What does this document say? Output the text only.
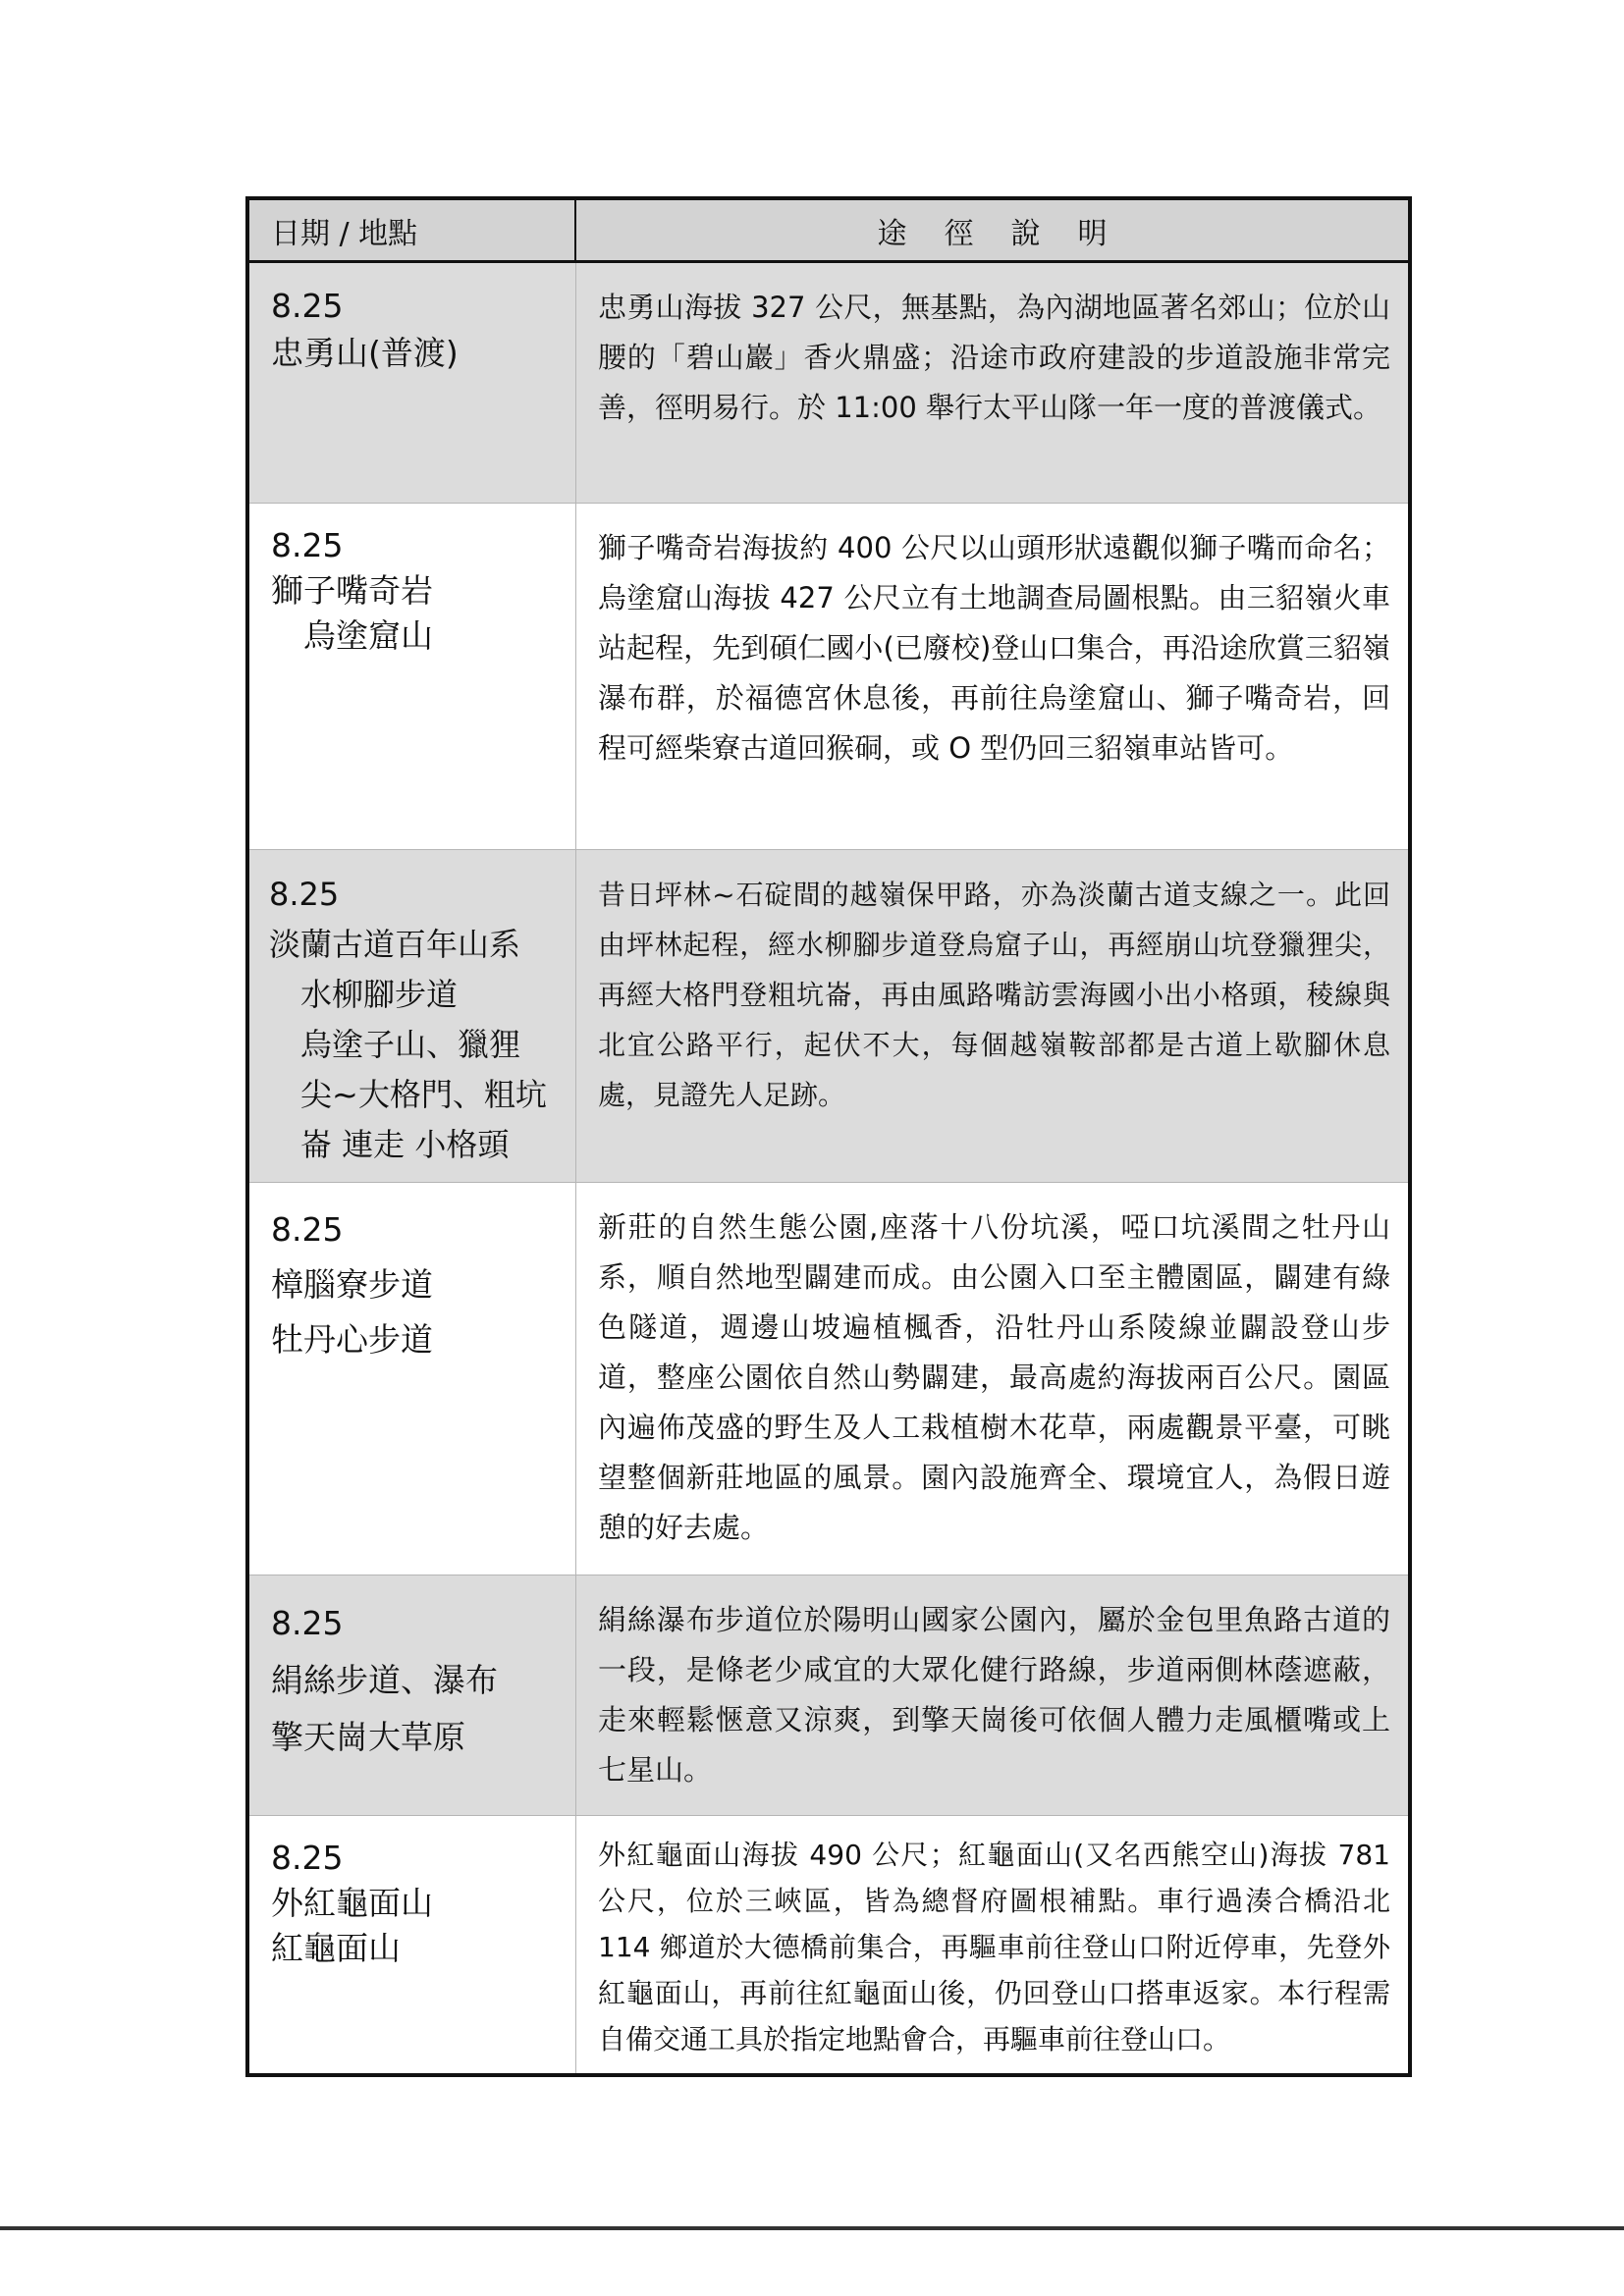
日期 / 地點	途徑說明
8.25
忠勇山(普渡)
忠勇山海拔 327 公尺，無基點，為內湖地區著名郊山；位於山腰的「碧山巖」香火鼎盛；沿途市政府建設的步道設施非常完善，徑明易行。於 11:00 舉行太平山隊一年一度的普渡儀式。
8.25
獅子嘴奇岩
　烏塗窟山
獅子嘴奇岩海拔約 400 公尺以山頭形狀遠觀似獅子嘴而命名；烏塗窟山海拔 427 公尺立有土地調查局圖根點。由三貂嶺火車站起程，先到碩仁國小(已廢校)登山口集合，再沿途欣賞三貂嶺瀑布群，於福德宮休息後，再前往烏塗窟山、獅子嘴奇岩，回程可經柴寮古道回猴硐，或 O 型仍回三貂嶺車站皆可。
8.25
淡蘭古道百年山系
　水柳腳步道
　烏塗子山、獵狸
　尖~大格門、粗坑
　崙 連走 小格頭
昔日坪林~石碇間的越嶺保甲路，亦為淡蘭古道支線之一。此回由坪林起程，經水柳腳步道登烏窟子山，再經崩山坑登獵狸尖，再經大格門登粗坑崙，再由風路嘴訪雲海國小出小格頭，稜線與北宜公路平行，起伏不大，每個越嶺鞍部都是古道上歇腳休息處，見證先人足跡。
8.25
樟腦寮步道
牡丹心步道
新莊的自然生態公園,座落十八份坑溪，啞口坑溪間之牡丹山系，順自然地型闢建而成。由公園入口至主體園區，闢建有綠色隧道，週邊山坡遍植楓香，沿牡丹山系陵線並闢設登山步道，整座公園依自然山勢闢建，最高處約海拔兩百公尺。園區內遍佈茂盛的野生及人工栽植樹木花草，兩處觀景平臺，可眺望整個新莊地區的風景。園內設施齊全、環境宜人，為假日遊憩的好去處。
8.25
絹絲步道、瀑布
擎天崗大草原
絹絲瀑布步道位於陽明山國家公園內，屬於金包里魚路古道的一段，是條老少咸宜的大眾化健行路線，步道兩側林蔭遮蔽，走來輕鬆愜意又涼爽，到擎天崗後可依個人體力走風櫃嘴或上七星山。
8.25
外紅龜面山
紅龜面山
外紅龜面山海拔 490 公尺；紅龜面山(又名西熊空山)海拔 781 公尺，位於三峽區，皆為總督府圖根補點。車行過湊合橋沿北 114 鄉道於大德橋前集合，再驅車前往登山口附近停車，先登外紅龜面山，再前往紅龜面山後，仍回登山口搭車返家。本行程需自備交通工具於指定地點會合，再驅車前往登山口。
